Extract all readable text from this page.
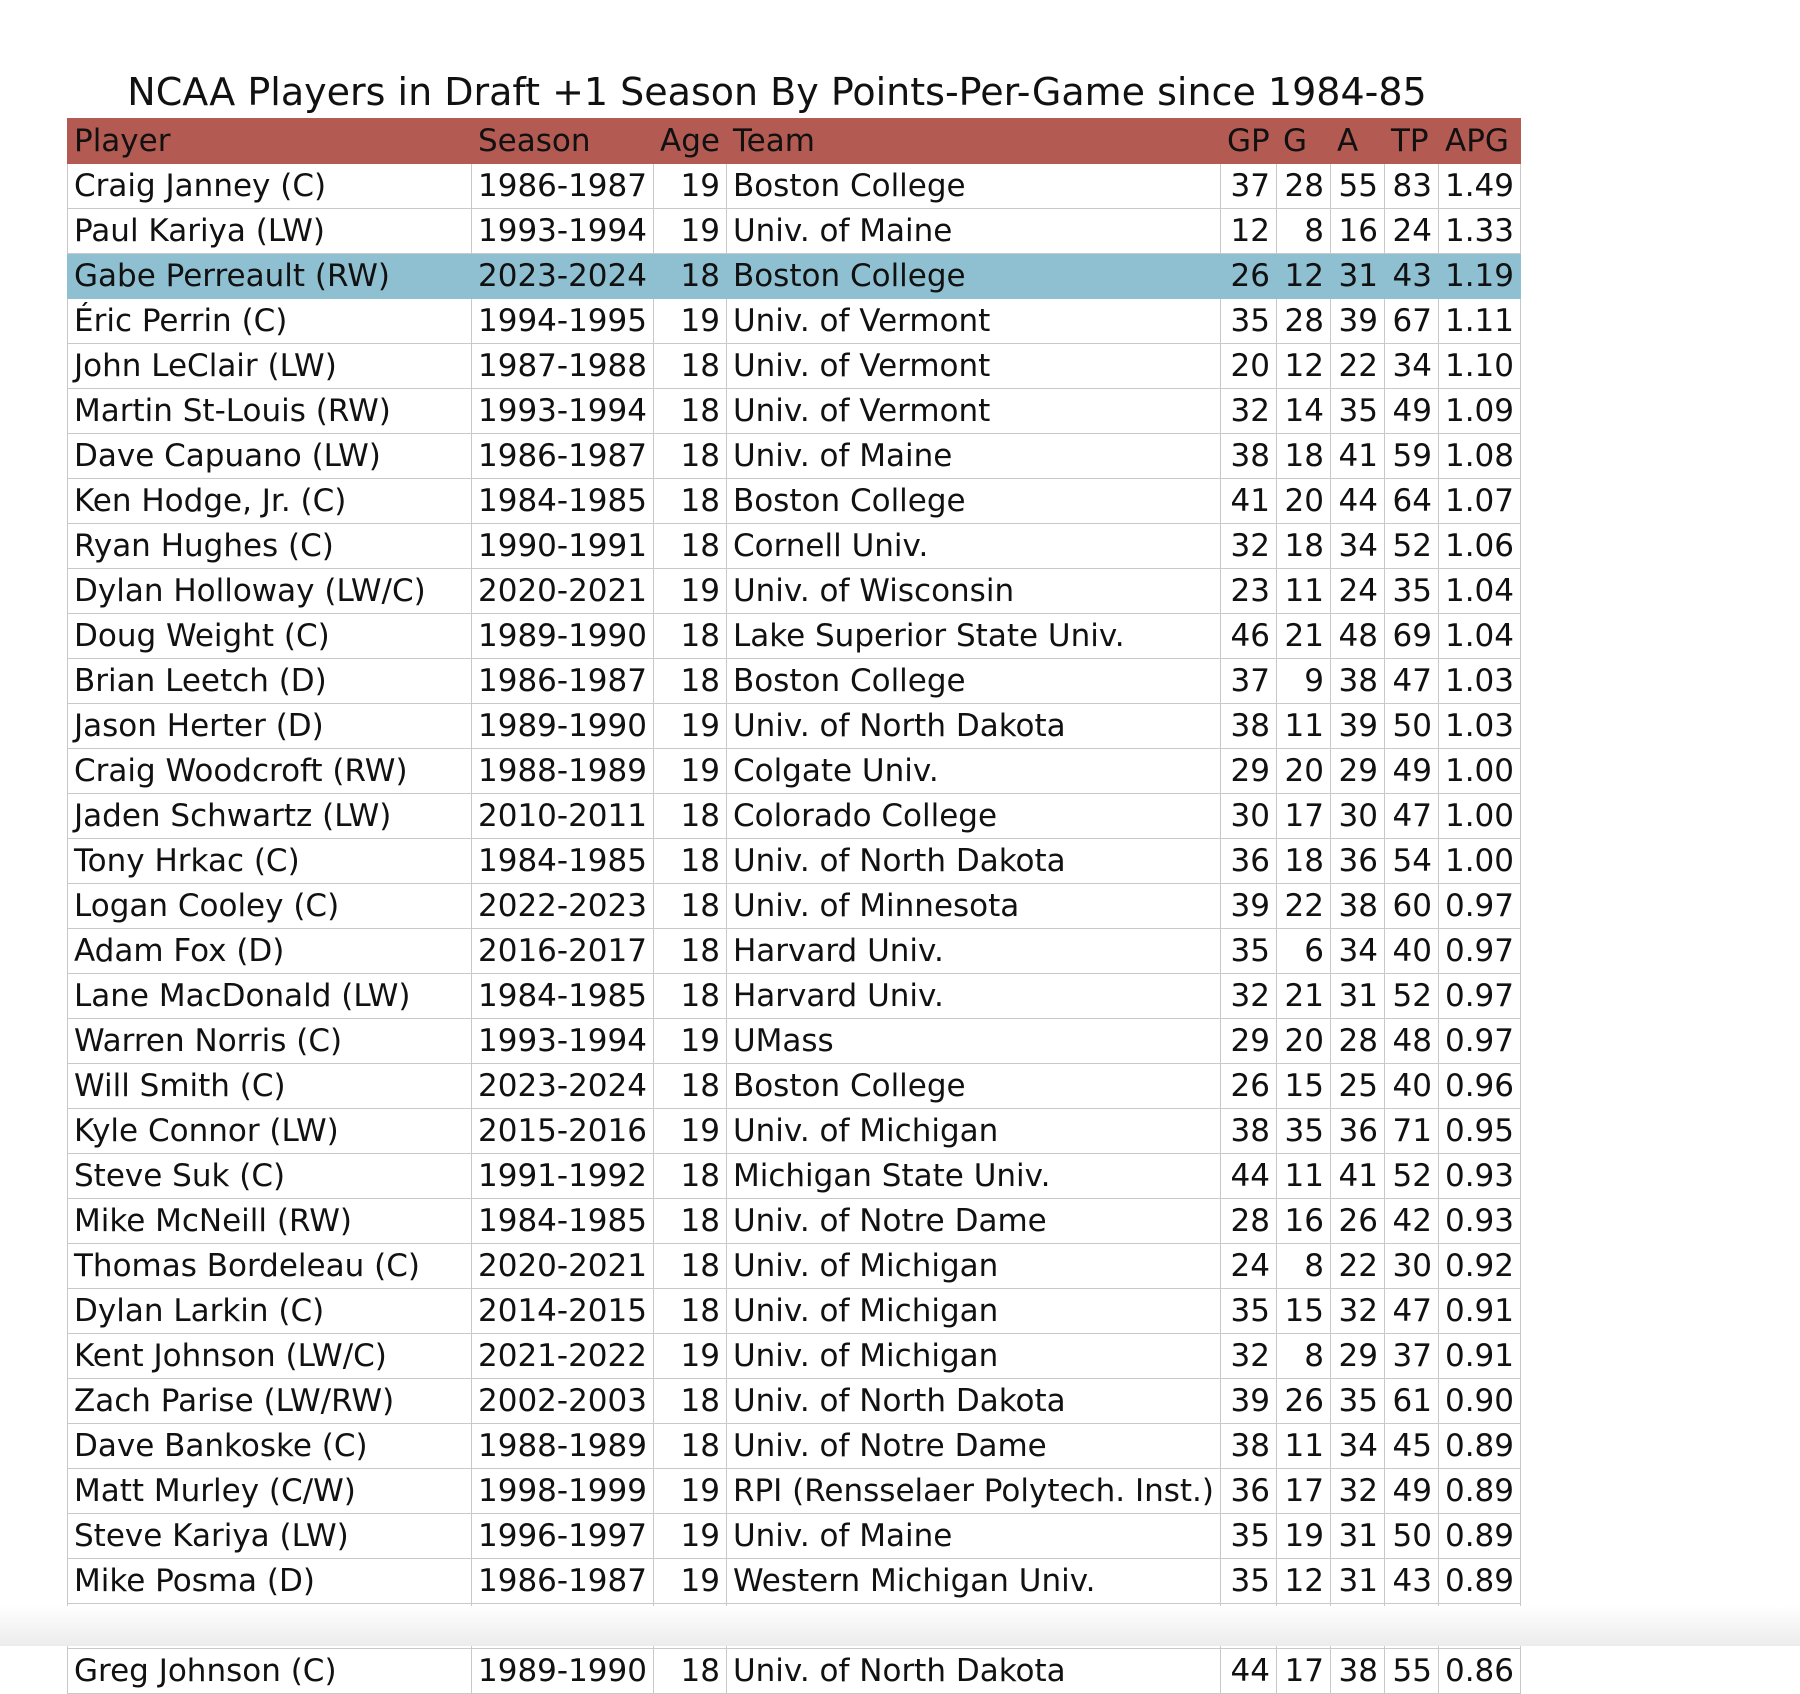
NCAA Players in Draft +1 Season By Points-Per-Game since 1984-85
Player	Season	Age	Team	GP	G	A	TP	APG
Craig Janney (C)	1986-1987	19	Boston College	37	28	55	83	1.49
Paul Kariya (LW)	1993-1994	19	Univ. of Maine	12	8	16	24	1.33
Gabe Perreault (RW)	2023-2024	18	Boston College	26	12	31	43	1.19
Éric Perrin (C)	1994-1995	19	Univ. of Vermont	35	28	39	67	1.11
John LeClair (LW)	1987-1988	18	Univ. of Vermont	20	12	22	34	1.10
Martin St-Louis (RW)	1993-1994	18	Univ. of Vermont	32	14	35	49	1.09
Dave Capuano (LW)	1986-1987	18	Univ. of Maine	38	18	41	59	1.08
Ken Hodge, Jr. (C)	1984-1985	18	Boston College	41	20	44	64	1.07
Ryan Hughes (C)	1990-1991	18	Cornell Univ.	32	18	34	52	1.06
Dylan Holloway (LW/C)	2020-2021	19	Univ. of Wisconsin	23	11	24	35	1.04
Doug Weight (C)	1989-1990	18	Lake Superior State Univ.	46	21	48	69	1.04
Brian Leetch (D)	1986-1987	18	Boston College	37	9	38	47	1.03
Jason Herter (D)	1989-1990	19	Univ. of North Dakota	38	11	39	50	1.03
Craig Woodcroft (RW)	1988-1989	19	Colgate Univ.	29	20	29	49	1.00
Jaden Schwartz (LW)	2010-2011	18	Colorado College	30	17	30	47	1.00
Tony Hrkac (C)	1984-1985	18	Univ. of North Dakota	36	18	36	54	1.00
Logan Cooley (C)	2022-2023	18	Univ. of Minnesota	39	22	38	60	0.97
Adam Fox (D)	2016-2017	18	Harvard Univ.	35	6	34	40	0.97
Lane MacDonald (LW)	1984-1985	18	Harvard Univ.	32	21	31	52	0.97
Warren Norris (C)	1993-1994	19	UMass	29	20	28	48	0.97
Will Smith (C)	2023-2024	18	Boston College	26	15	25	40	0.96
Kyle Connor (LW)	2015-2016	19	Univ. of Michigan	38	35	36	71	0.95
Steve Suk (C)	1991-1992	18	Michigan State Univ.	44	11	41	52	0.93
Mike McNeill (RW)	1984-1985	18	Univ. of Notre Dame	28	16	26	42	0.93
Thomas Bordeleau (C)	2020-2021	18	Univ. of Michigan	24	8	22	30	0.92
Dylan Larkin (C)	2014-2015	18	Univ. of Michigan	35	15	32	47	0.91
Kent Johnson (LW/C)	2021-2022	19	Univ. of Michigan	32	8	29	37	0.91
Zach Parise (LW/RW)	2002-2003	18	Univ. of North Dakota	39	26	35	61	0.90
Dave Bankoske (C)	1988-1989	18	Univ. of Notre Dame	38	11	34	45	0.89
Matt Murley (C/W)	1998-1999	19	RPI (Rensselaer Polytech. Inst.)	36	17	32	49	0.89
Steve Kariya (LW)	1996-1997	19	Univ. of Maine	35	19	31	50	0.89
Mike Posma (D)	1986-1987	19	Western Michigan Univ.	35	12	31	43	0.89

Greg Johnson (C)	1989-1990	18	Univ. of North Dakota	44	17	38	55	0.86
